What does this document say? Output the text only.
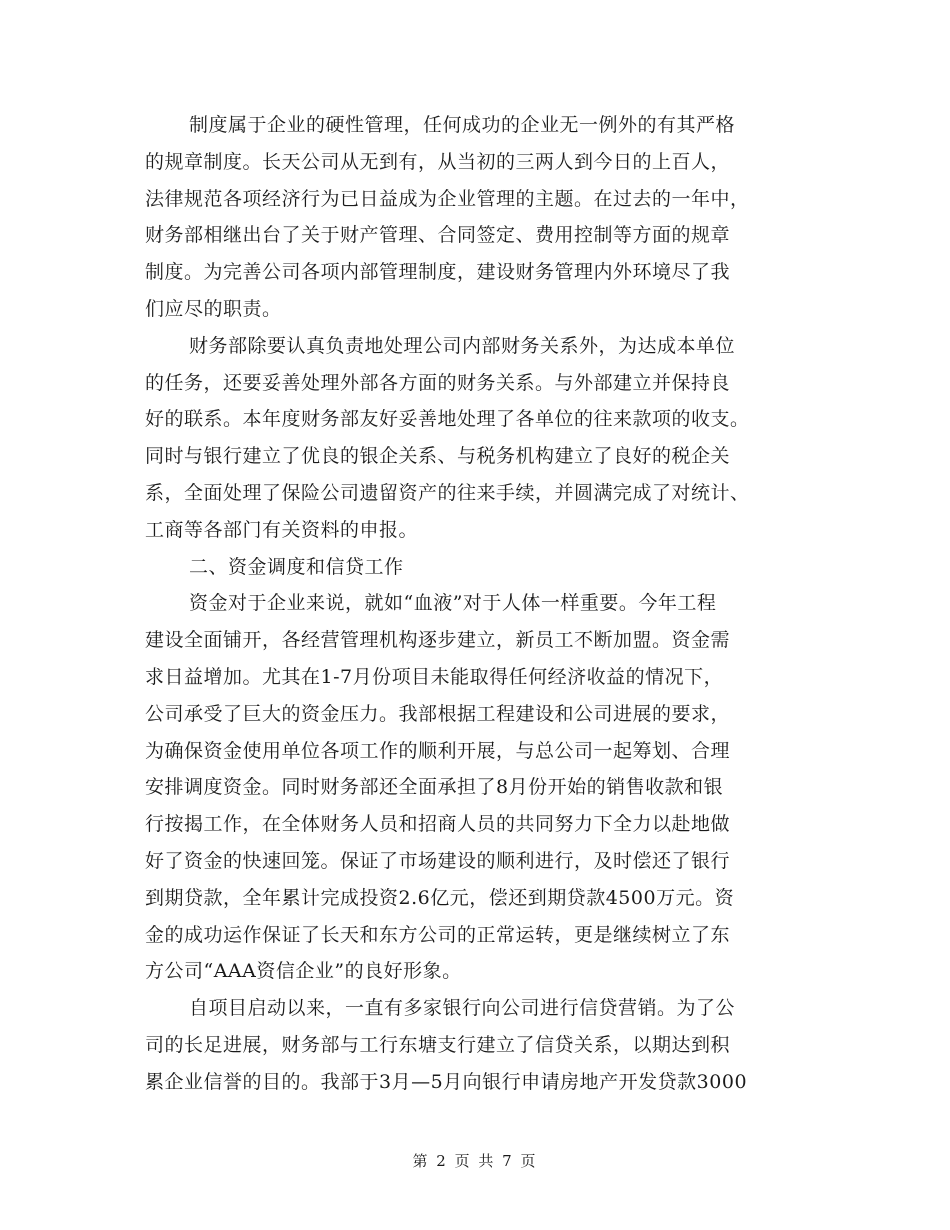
制度属于企业的硬性管理，任何成功的企业无一例外的有其严格
的规章制度。长天公司从无到有，从当初的三两人到今日的上百人，
法律规范各项经济行为已日益成为企业管理的主题。在过去的一年中，
财务部相继出台了关于财产管理、合同签定、费用控制等方面的规章
制度。为完善公司各项内部管理制度，建设财务管理内外环境尽了我
们应尽的职责。
财务部除要认真负责地处理公司内部财务关系外，为达成本单位
的任务，还要妥善处理外部各方面的财务关系。与外部建立并保持良
好的联系。本年度财务部友好妥善地处理了各单位的往来款项的收支。
同时与银行建立了优良的银企关系、与税务机构建立了良好的税企关
系，全面处理了保险公司遗留资产的往来手续，并圆满完成了对统计、
工商等各部门有关资料的申报。
二、资金调度和信贷工作
资金对于企业来说，就如“血液”对于人体一样重要。今年工程
建设全面铺开，各经营管理机构逐步建立，新员工不断加盟。资金需
求日益增加。尤其在1-7月份项目未能取得任何经济收益的情况下，
公司承受了巨大的资金压力。我部根据工程建设和公司进展的要求，
为确保资金使用单位各项工作的顺利开展，与总公司一起筹划、合理
安排调度资金。同时财务部还全面承担了8月份开始的销售收款和银
行按揭工作，在全体财务人员和招商人员的共同努力下全力以赴地做
好了资金的快速回笼。保证了市场建设的顺利进行，及时偿还了银行
到期贷款，全年累计完成投资2.6亿元，偿还到期贷款4500万元。资
金的成功运作保证了长天和东方公司的正常运转，更是继续树立了东
方公司“AAA资信企业”的良好形象。
自项目启动以来，一直有多家银行向公司进行信贷营销。为了公
司的长足进展，财务部与工行东塘支行建立了信贷关系，以期达到积
累企业信誉的目的。我部于3月—5月向银行申请房地产开发贷款3000
第 2 页 共 7 页
